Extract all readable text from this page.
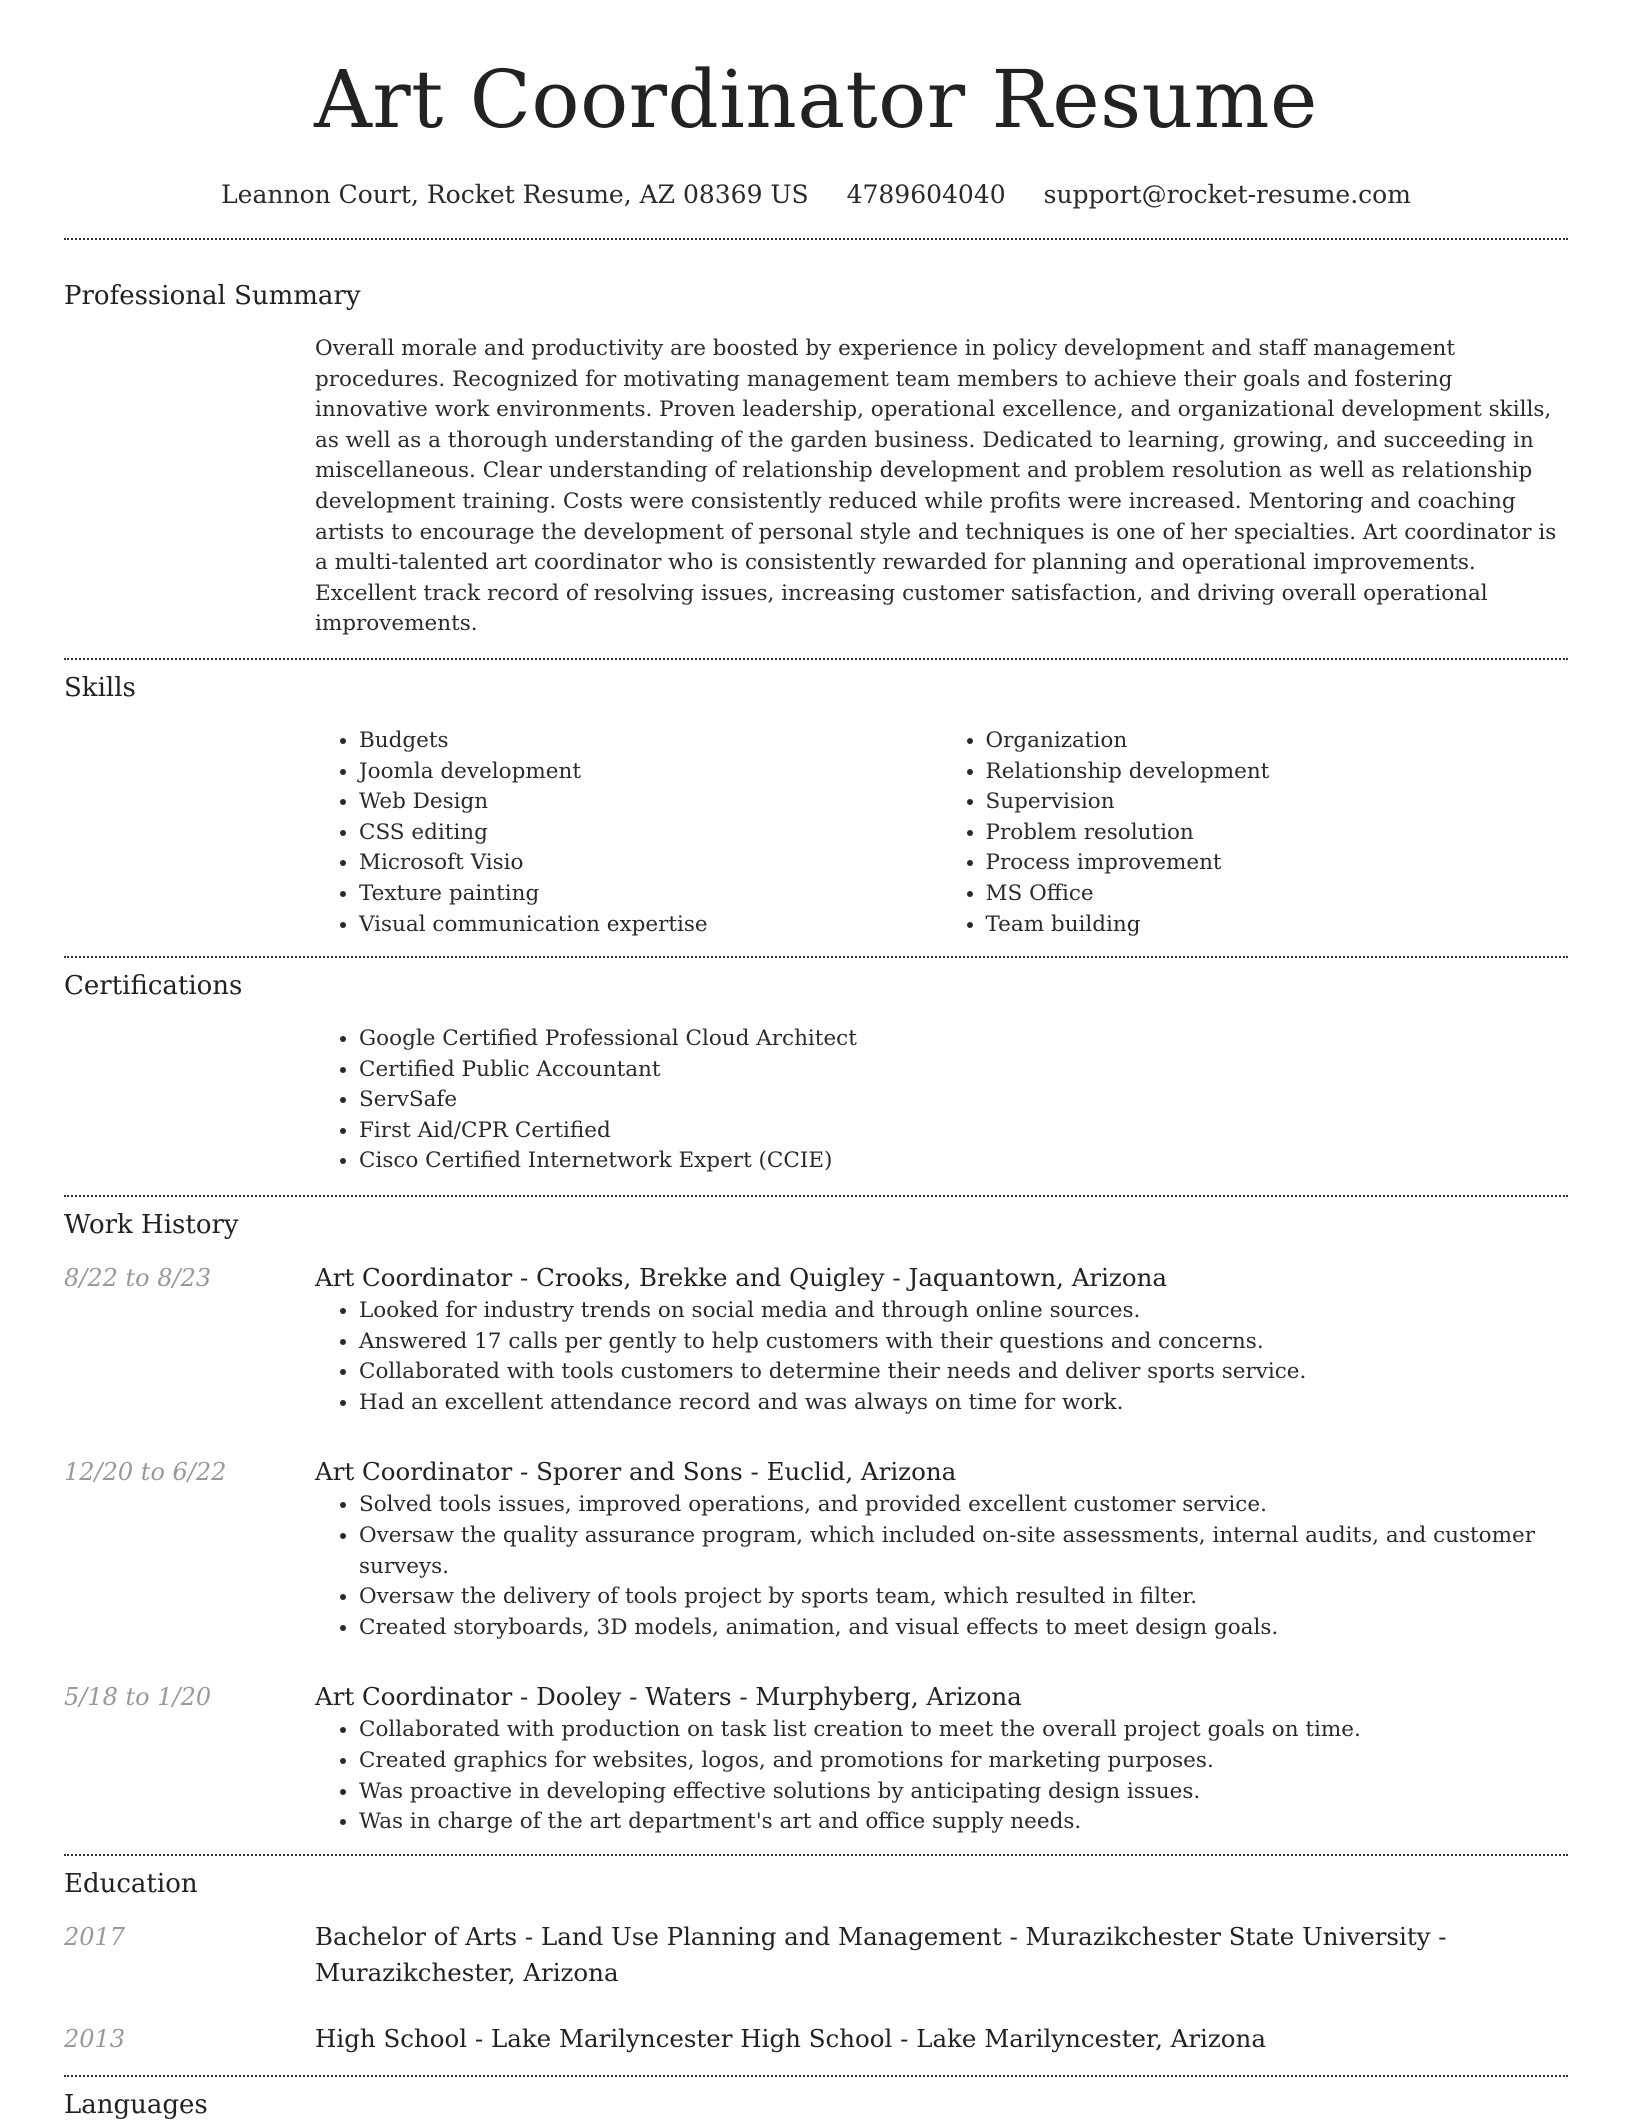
Art Coordinator Resume
Leannon Court, Rocket Resume, AZ 08369 US 4789604040 support@rocket-resume.com
Professional Summary

Overall morale and productivity are boosted by experience in policy development and staff management procedures. Recognized for motivating management team members to achieve their goals and fostering innovative work environments. Proven leadership, operational excellence, and organizational development skills, as well as a thorough understanding of the garden business. Dedicated to learning, growing, and succeeding in miscellaneous. Clear understanding of relationship development and problem resolution as well as relationship development training. Costs were consistently reduced while profits were increased. Mentoring and coaching artists to encourage the development of personal style and techniques is one of her specialties. Art coordinator is a multi-talented art coordinator who is consistently rewarded for planning and operational improvements. Excellent track record of resolving issues, increasing customer satisfaction, and driving overall operational improvements.

Skills
• Budgets
• Joomla development
• Web Design
• CSS editing
• Microsoft Visio
• Texture painting
• Visual communication expertise
• Organization
• Relationship development
• Supervision
• Problem resolution
• Process improvement
• MS Office
• Team building
Certifications
• Google Certified Professional Cloud Architect
• Certified Public Accountant
• ServSafe
• First Aid/CPR Certified
• Cisco Certified Internetwork Expert (CCIE)
Work History
8/22 to 8/23	Art Coordinator - Crooks, Brekke and Quigley - Jaquantown, Arizona
• Looked for industry trends on social media and through online sources.
• Answered 17 calls per gently to help customers with their questions and concerns.
• Collaborated with tools customers to determine their needs and deliver sports service.
• Had an excellent attendance record and was always on time for work.
12/20 to 6/22	Art Coordinator - Sporer and Sons - Euclid, Arizona
• Solved tools issues, improved operations, and provided excellent customer service.
• Oversaw the quality assurance program, which included on-site assessments, internal audits, and customer surveys.
• Oversaw the delivery of tools project by sports team, which resulted in filter.
• Created storyboards, 3D models, animation, and visual effects to meet design goals.
5/18 to 1/20	Art Coordinator - Dooley - Waters - Murphyberg, Arizona
• Collaborated with production on task list creation to meet the overall project goals on time.
• Created graphics for websites, logos, and promotions for marketing purposes.
• Was proactive in developing effective solutions by anticipating design issues.
• Was in charge of the art department's art and office supply needs.
Education
2017	Bachelor of Arts - Land Use Planning and Management - Murazikchester State University - Murazikchester, Arizona
2013	High School - Lake Marilyncester High School - Lake Marilyncester, Arizona
Languages
